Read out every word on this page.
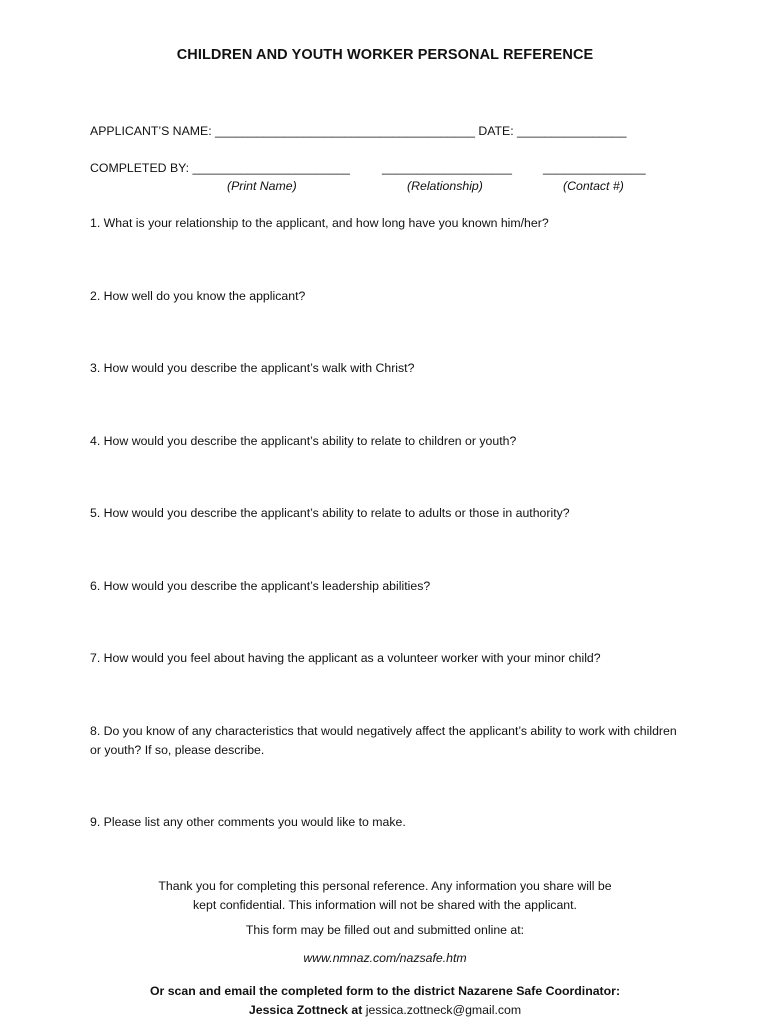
CHILDREN AND YOUTH WORKER PERSONAL REFERENCE
APPLICANT’S NAME: ______________________________________ DATE: ________________
COMPLETED BY: _______________________	___________________	_______________
(Print Name)	(Relationship)	(Contact #)
1. What is your relationship to the applicant, and how long have you known him/her?
2. How well do you know the applicant?
3. How would you describe the applicant’s walk with Christ?
4. How would you describe the applicant’s ability to relate to children or youth?
5. How would you describe the applicant’s ability to relate to adults or those in authority?
6. How would you describe the applicant’s leadership abilities?
7. How would you feel about having the applicant as a volunteer worker with your minor child?
8. Do you know of any characteristics that would negatively affect the applicant’s ability to work with children or youth? If so, please describe.
9. Please list any other comments you would like to make.
Thank you for completing this personal reference. Any information you share will be
kept confidential. This information will not be shared with the applicant.
This form may be filled out and submitted online at:
www.nmnaz.com/nazsafe.htm
Or scan and email the completed form to the district Nazarene Safe Coordinator:
Jessica Zottneck at jessica.zottneck@gmail.com
